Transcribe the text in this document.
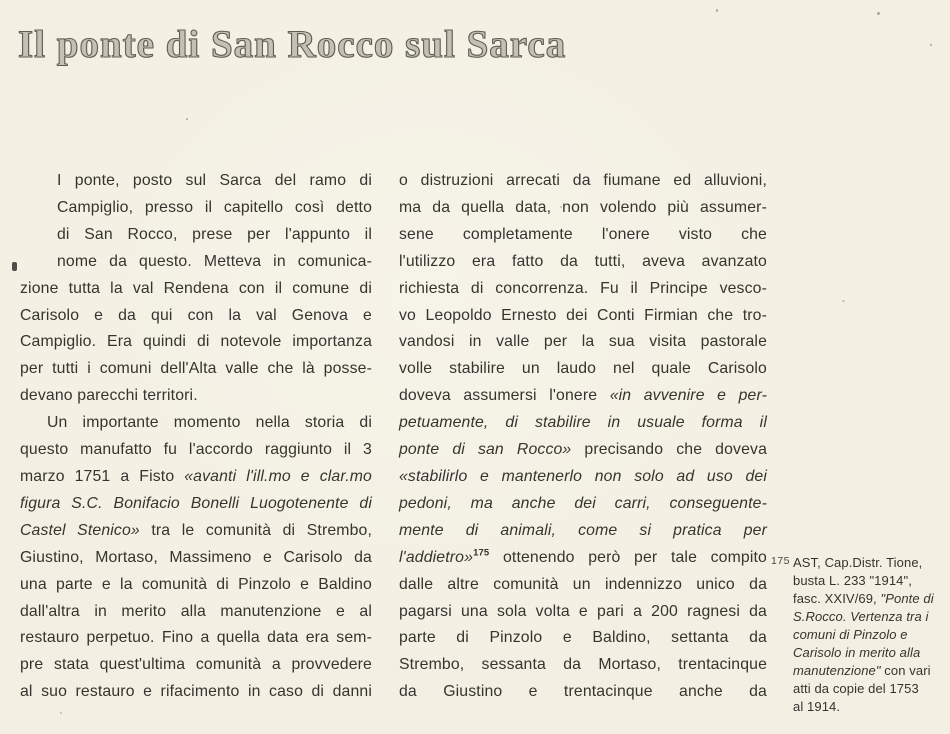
Il ponte di San Rocco sul Sarca
I ponte, posto sul Sarca del ramo di
Campiglio, presso il capitello così detto
di San Rocco, prese per l'appunto il
nome da questo. Metteva in comunica-
zione tutta la val Rendena con il comune di
Carisolo e da qui con la val Genova e
Campiglio. Era quindi di notevole importanza
per tutti i comuni dell'Alta valle che là posse-
devano parecchi territori.
Un importante momento nella storia di
questo manufatto fu l'accordo raggiunto il 3
marzo 1751 a Fisto «avanti l'ill.mo e clar.mo
figura S.C. Bonifacio Bonelli Luogotenente di
Castel Stenico» tra le comunità di Strembo,
Giustino, Mortaso, Massimeno e Carisolo da
una parte e la comunità di Pinzolo e Baldino
dall'altra in merito alla manutenzione e al
restauro perpetuo. Fino a quella data era sem-
pre stata quest'ultima comunità a provvedere
al suo restauro e rifacimento in caso di danni
o distruzioni arrecati da fiumane ed alluvioni,
ma da quella data, non volendo più assumer-
sene completamente l'onere visto che
l'utilizzo era fatto da tutti, aveva avanzato
richiesta di concorrenza. Fu il Principe vesco-
vo Leopoldo Ernesto dei Conti Firmian che tro-
vandosi in valle per la sua visita pastorale
volle stabilire un laudo nel quale Carisolo
doveva assumersi l'onere «in avvenire e per-
petuamente, di stabilire in usuale forma il
ponte di san Rocco» precisando che doveva
«stabilirlo e mantenerlo non solo ad uso dei
pedoni, ma anche dei carri, conseguente-
mente di animali, come si pratica per
l'addietro»$^{175}$ ottenendo però per tale compito
dalle altre comunità un indennizzo unico da
pagarsi una sola volta e pari a 200 ragnesi da
parte di Pinzolo e Baldino, settanta da
Strembo, sessanta da Mortaso, trentacinque
da Giustino e trentacinque anche da
175 AST, Cap.Distr. Tione,
busta L. 233 "1914",
fasc. XXIV/69, "Ponte di
S.Rocco. Vertenza tra i
comuni di Pinzolo e
Carisolo in merito alla
manutenzione" con vari
atti da copie del 1753
al 1914.
